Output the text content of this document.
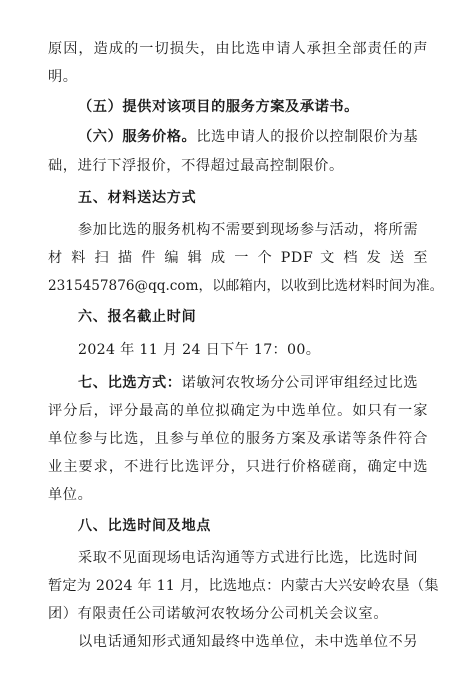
原因，造成的一切损失，由比选申请人承担全部责任的声
明。
（五）提供对该项目的服务方案及承诺书。
（六）服务价格。比选申请人的报价以控制限价为基
础，进行下浮报价，不得超过最高控制限价。
五、材料送达方式
参加比选的服务机构不需要到现场参与活动，将所需
材 料 扫 描 件 编 辑 成 一 个 PDF 文 档 发 送 至
2315457876@qq.com，以邮箱内，以收到比选材料时间为准。
六、报名截止时间
2024 年 11 月 24 日下午 17：00。
七、比选方式：诺敏河农牧场分公司评审组经过比选
评分后，评分最高的单位拟确定为中选单位。如只有一家
单位参与比选，且参与单位的服务方案及承诺等条件符合
业主要求，不进行比选评分，只进行价格磋商，确定中选
单位。
八、比选时间及地点
采取不见面现场电话沟通等方式进行比选，比选时间
暂定为 2024 年 11 月，比选地点：内蒙古大兴安岭农垦（集
团）有限责任公司诺敏河农牧场分公司机关会议室。
以电话通知形式通知最终中选单位，未中选单位不另
